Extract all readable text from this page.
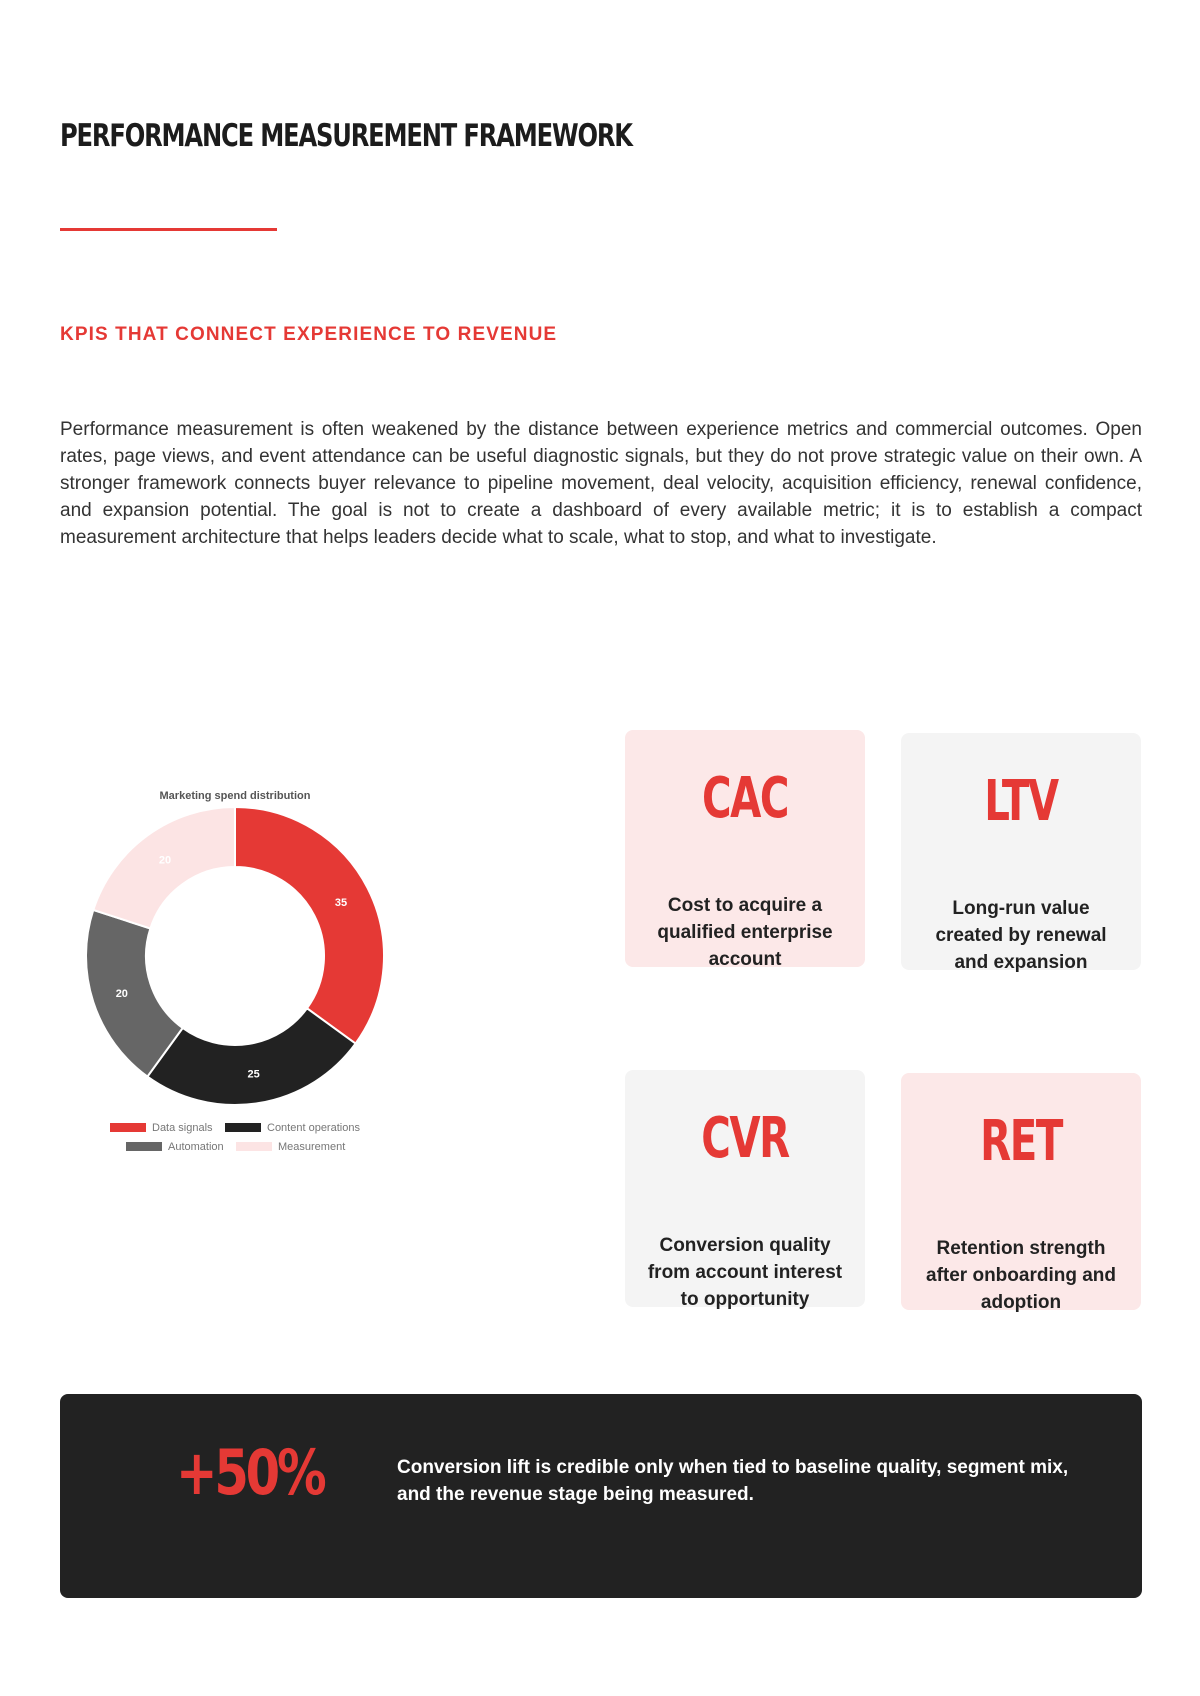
PERFORMANCE MEASUREMENT FRAMEWORK
KPIS THAT CONNECT EXPERIENCE TO REVENUE

Performance measurement is often weakened by the distance between experience metrics and commercial outcomes. Open rates, page views, and event attendance can be useful diagnostic signals, but they do not prove strategic value on their own. A stronger framework connects buyer relevance to pipeline movement, deal velocity, acquisition efficiency, renewal confidence, and expansion potential. The goal is not to create a dashboard of every available metric; it is to establish a compact measurement architecture that helps leaders decide what to scale, what to stop, and what to investigate.

Marketing spend distribution
35
25
20
20
Data signals	Content operations
Automation	Measurement
CAC
Cost to acquire a qualified enterprise account
LTV
Long-run value created by renewal and expansion
CVR
Conversion quality from account interest to opportunity
RET
Retention strength after onboarding and adoption
+50%	Conversion lift is credible only when tied to baseline quality, segment mix, and the revenue stage being measured.
